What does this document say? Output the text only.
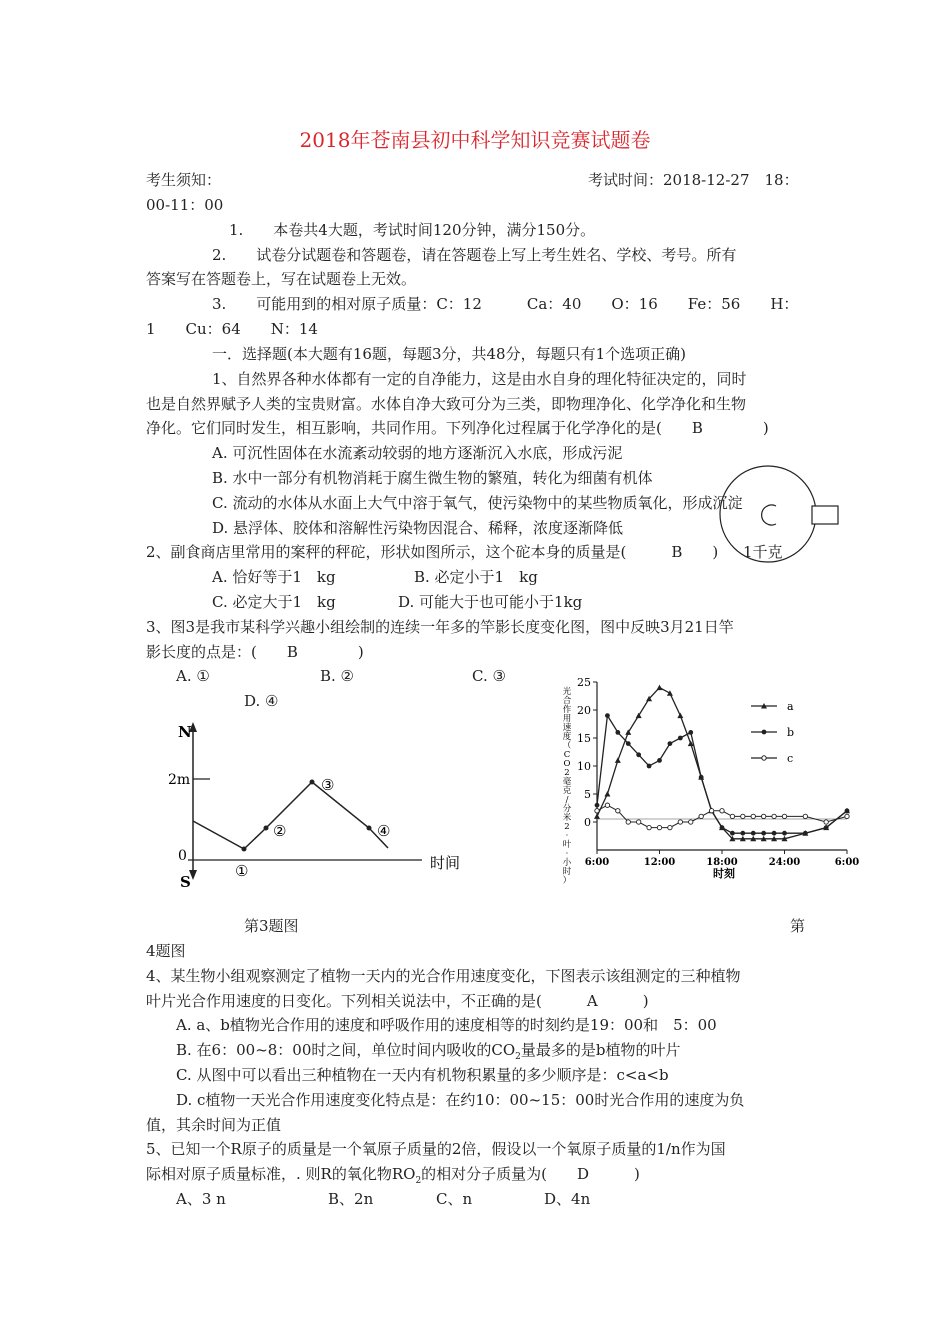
2018年苍南县初中科学知识竞赛试题卷
考生须知：	考试时间：2018-12-27　18：
00-11：00
1.　　本卷共4大题，考试时间120分钟，满分150分。
2.　　试卷分试题卷和答题卷，请在答题卷上写上考生姓名、学校、考号。所有
答案写在答题卷上，写在试题卷上无效。
3.　　可能用到的相对原子质量：C：12　　　Ca：40　　O：16　　Fe：56　　H：
1　　Cu：64　　N：14
一．选择题(本大题有16题，每题3分，共48分，每题只有1个选项正确)
1、自然界各种水体都有一定的自净能力，这是由水自身的理化特征决定的，同时
也是自然界赋予人类的宝贵财富。水体自净大致可分为三类，即物理净化、化学净化和生物
净化。它们同时发生，相互影响，共同作用。下列净化过程属于化学净化的是(　　B　　　　)
A. 可沉性固体在水流紊动较弱的地方逐渐沉入水底，形成污泥
B. 水中一部分有机物消耗于腐生微生物的繁殖，转化为细菌有机体
C. 流动的水体从水面上大气中溶于氧气，使污染物中的某些物质氧化，形成沉淀
D. 悬浮体、胶体和溶解性污染物因混合、稀释，浓度逐渐降低
2、副食商店里常用的案秤的秤砣，形状如图所示，这个砣本身的质量是(　　　B　　) 1千克
A. 恰好等于1　kg	B. 必定小于1　kg
C. 必定大于1　kg	D. 可能大于也可能小于1kg
3、图3是我市某科学兴趣小组绘制的连续一年多的竿影长度变化图，图中反映3月21日竿
影长度的点是：(　　B　　　　)
A. ①	B. ②	C. ③
D. ④
N
S
2m
0	时间
①
②
③
④
光
合
作
用
速
度
（
C
O
2
毫
克
/
分
米
2
·
叶
·
小
时
）
0
5
10
15
20
25
6:00	12:00	18:00	24:00	6:00
a
b
c
时刻
第3题图	第
4题图
4、某生物小组观察测定了植物一天内的光合作用速度变化，下图表示该组测定的三种植物
叶片光合作用速度的日变化。下列相关说法中，不正确的是(　　　A　　　)
A. a、b植物光合作用的速度和呼吸作用的速度相等的时刻约是19：00和　5：00
B. 在6：00~8：00时之间，单位时间内吸收的$CO_2$量最多的是b植物的叶片
C. 从图中可以看出三种植物在一天内有机物积累量的多少顺序是：c<a<b
D. c植物一天光合作用速度变化特点是：在约10：00~15：00时光合作用的速度为负
值，其余时间为正值
5、已知一个R原子的质量是一个氧原子质量的2倍，假设以一个氧原子质量的1/n作为国
际相对原子质量标准，. 则R的氧化物$RO_2$的相对分子质量为(　　D　　　)
A、3 n	B、2n	C、n	D、4n
